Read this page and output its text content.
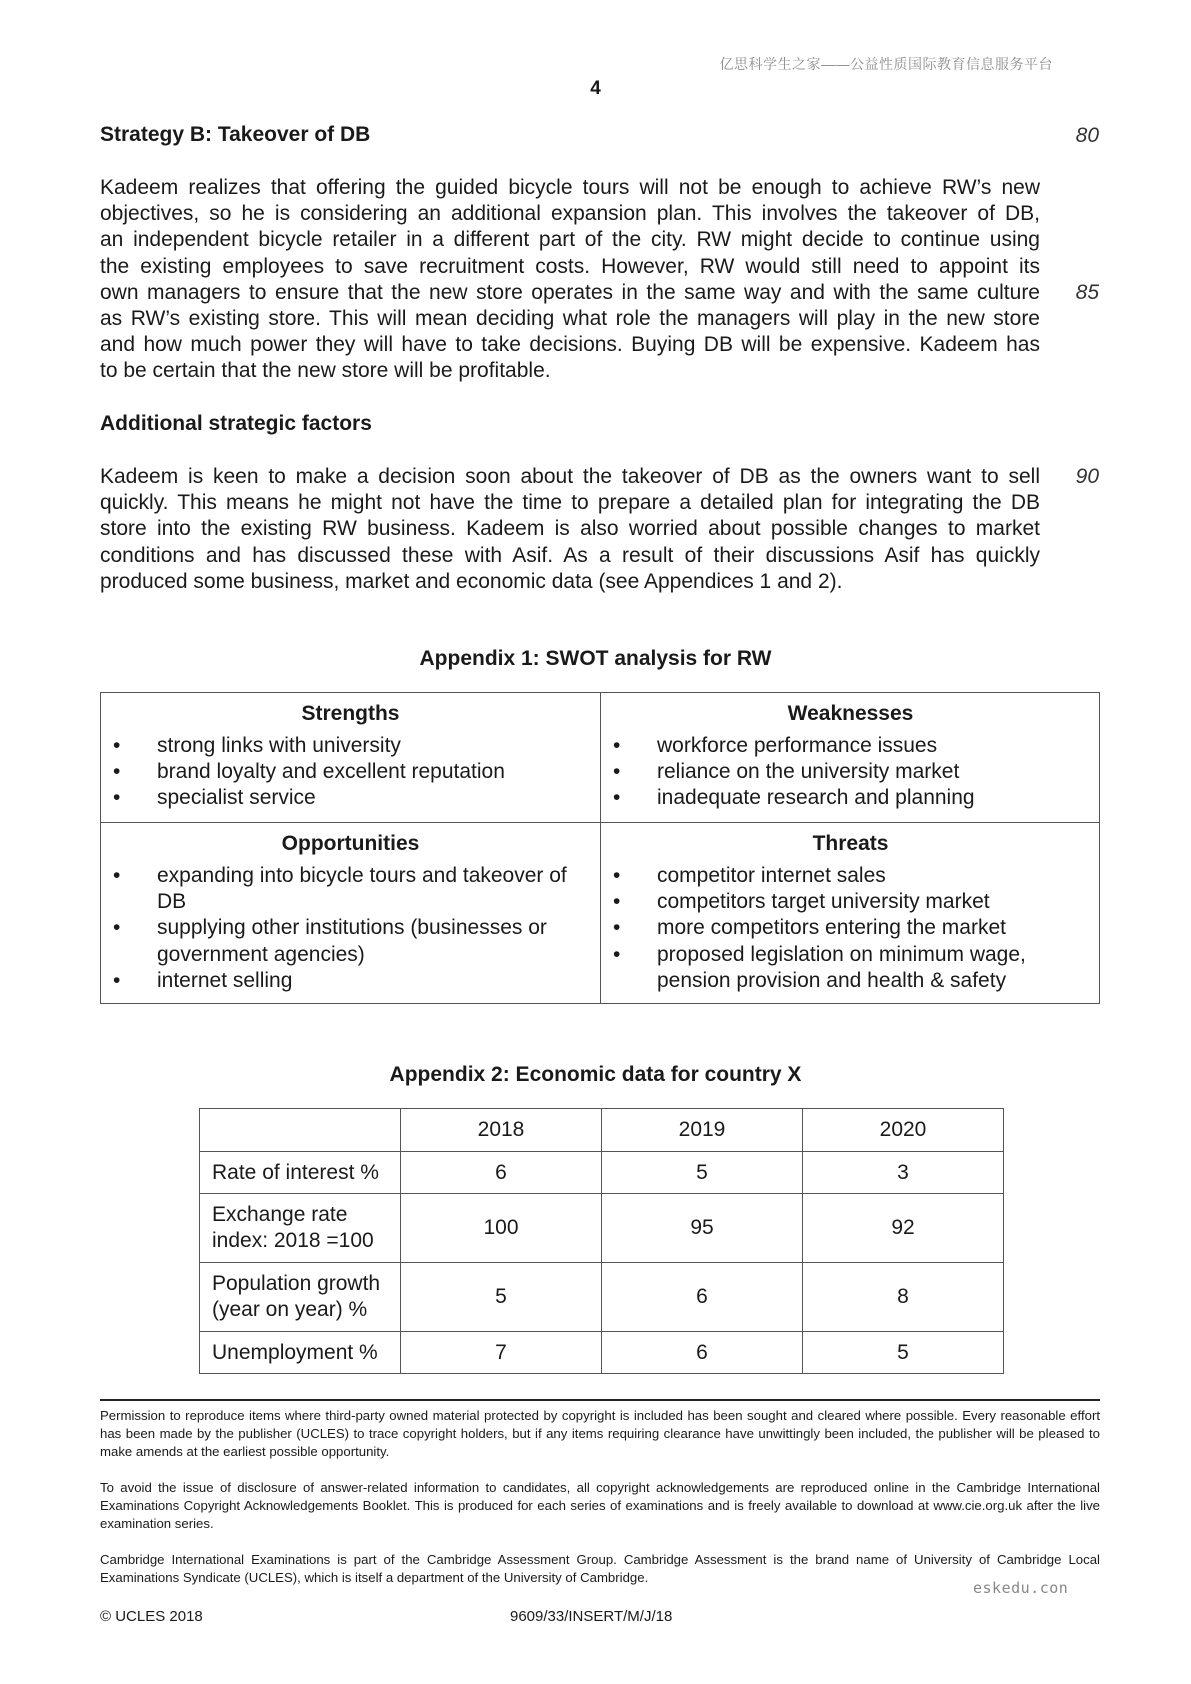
亿思科学生之家——公益性质国际教育信息服务平台
4
Strategy B: Takeover of DB	80
Kadeem realizes that offering the guided bicycle tours will not be enough to achieve RW’s new
objectives, so he is considering an additional expansion plan. This involves the takeover of DB,
an independent bicycle retailer in a different part of the city. RW might decide to continue using
the existing employees to save recruitment costs. However, RW would still need to appoint its
own managers to ensure that the new store operates in the same way and with the same culture
as RW’s existing store. This will mean deciding what role the managers will play in the new store
and how much power they will have to take decisions. Buying DB will be expensive. Kadeem has
to be certain that the new store will be profitable.
85
Additional strategic factors
Kadeem is keen to make a decision soon about the takeover of DB as the owners want to sell
quickly. This means he might not have the time to prepare a detailed plan for integrating the DB
store into the existing RW business. Kadeem is also worried about possible changes to market
conditions and has discussed these with Asif. As a result of their discussions Asif has quickly
produced some business, market and economic data (see Appendices 1 and 2).
90
Appendix 1: SWOT analysis for RW
Strengths
• strong links with university
• brand loyalty and excellent reputation
• specialist service
Weaknesses
• workforce performance issues
• reliance on the university market
• inadequate research and planning
Opportunities
• expanding into bicycle tours and takeover of DB
• supplying other institutions (businesses or government agencies)
• internet selling
Threats
• competitor internet sales
• competitors target university market
• more competitors entering the market
• proposed legislation on minimum wage, pension provision and health & safety
Appendix 2: Economic data for country X
	2018	2019	2020
Rate of interest %	6	5	3
Exchange rate
index: 2018 =100	100	95	92
Population growth
(year on year) %	5	6	8
Unemployment %	7	6	5

Permission to reproduce items where third-party owned material protected by copyright is included has been sought and cleared where possible. Every reasonable effort has been made by the publisher (UCLES) to trace copyright holders, but if any items requiring clearance have unwittingly been included, the publisher will be pleased to make amends at the earliest possible opportunity.

To avoid the issue of disclosure of answer-related information to candidates, all copyright acknowledgements are reproduced online in the Cambridge International Examinations Copyright Acknowledgements Booklet. This is produced for each series of examinations and is freely available to download at www.cie.org.uk after the live examination series.

Cambridge International Examinations is part of the Cambridge Assessment Group. Cambridge Assessment is the brand name of University of Cambridge Local Examinations Syndicate (UCLES), which is itself a department of the University of Cambridge.

eskedu.con
© UCLES 2018	9609/33/INSERT/M/J/18
